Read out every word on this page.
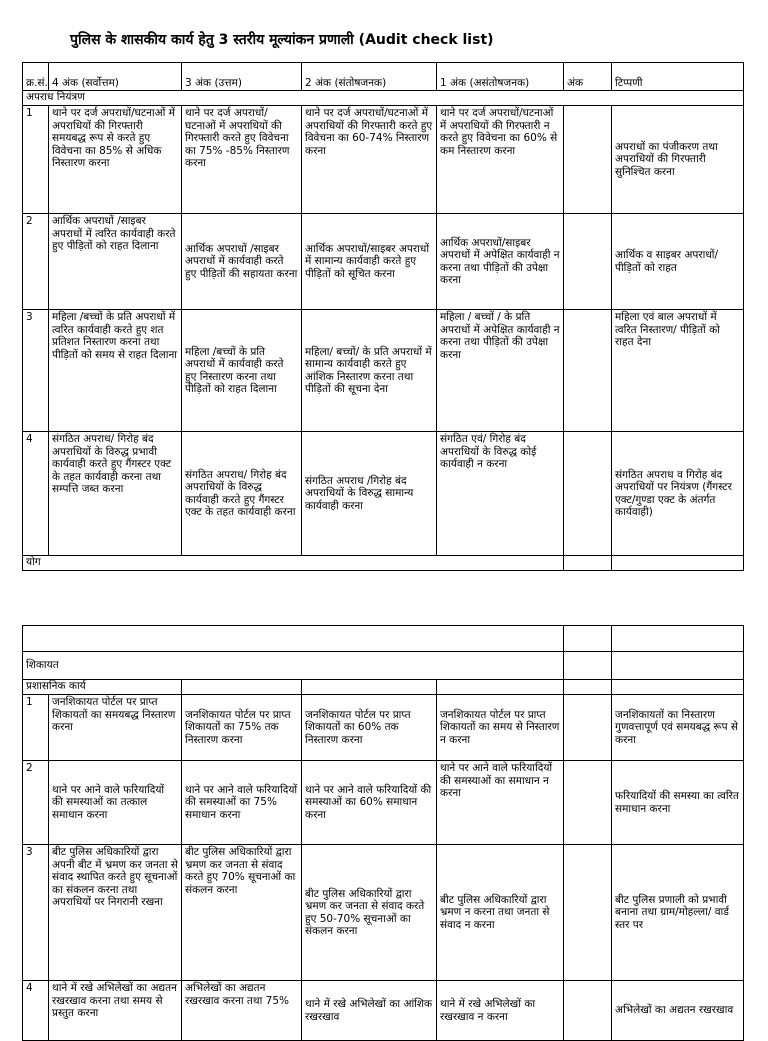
पुलिस के शासकीय कार्य हेतु 3 स्तरीय मूल्यांकन प्रणाली (Audit check list)
क्र.सं.	4 अंक (सर्वोत्तम)	3 अंक (उत्तम)	2 अंक (संतोषजनक)	1 अंक (असंतोषजनक)	अंक	टिप्पणी
अपराध नियंत्रण						
1	थाने पर दर्ज अपराधों/घटनाओं में अपराधियों की गिरफ्तारी समयबद्ध रूप से करते हुए विवेचना का 85% से अधिक निस्तारण करना	थाने पर दर्ज अपराधों/घटनाओं में अपराधियों की गिरफ्तारी करते हुए विवेचना का 75% -85% निस्तारण करना	थाने पर दर्ज अपराधों/घटनाओं में अपराधियों की गिरफ्तारी करते हुए विवेचना का 60-74% निस्तारण करना	थाने पर दर्ज अपराधों/घटनाओं में अपराधियों की गिरफ्तारी न करते हुए विवेचना का 60% से कम निस्तारण करना		अपराधों का पंजीकरण तथा अपराधियों की गिरफ्तारी सुनिश्चित करना
2	आर्थिक अपराधों /साइबर अपराधों में त्वरित कार्यवाही करते हुए पीड़ितों को राहत दिलाना	आर्थिक अपराधों /साइबर अपराधों में कार्यवाही करते हुए पीड़ितों की सहायता करना	आर्थिक अपराधों/साइबर अपराधों में सामान्य कार्यवाही करते हुए पीड़ितों को सूचित करना	आर्थिक अपराधों/साइबर अपराधों में अपेक्षित कार्यवाही न करना तथा पीड़ितों की उपेक्षा करना		आर्थिक व साइबर अपराधों/ पीड़ितों को राहत
3	महिला /बच्चों के प्रति अपराधों में त्वरित कार्यवाही करते हुए शत प्रतिशत निस्तारण करना तथा पीड़ितों को समय से राहत दिलाना	महिला /बच्चों के प्रति अपराधों में कार्यवाही करते हुए निस्तारण करना तथा पीड़ितों को राहत दिलाना	महिला/ बच्चों/ के प्रति अपराधों में सामान्य कार्यवाही करते हुए आंशिक निस्तारण करना तथा पीड़ितों की सूचना देना	महिला / बच्चों / के प्रति अपराधों में अपेक्षित कार्यवाही न करना तथा पीड़ितों की उपेक्षा करना		महिला एवं बाल अपराधों में त्वरित निस्तारण/ पीड़ितों को राहत देना
4	संगठित अपराध/ गिरोह बंद अपराधियों के विरुद्ध प्रभावी कार्यवाही करते हुए गैंगस्टर एक्ट के तहत कार्यवाही करना तथा सम्पत्ति जब्त करना	संगठित अपराध/ गिरोह बंद अपराधियों के विरुद्ध कार्यवाही करते हुए गैंगस्टर एक्ट के तहत कार्यवाही करना	संगठित अपराध /गिरोह बंद अपराधियों के विरुद्ध सामान्य कार्यवाही करना	संगठित एवं/ गिरोह बंद अपराधियों के विरुद्ध कोई कार्यवाही न करना		संगठित अपराध व गिरोह बंद अपराधियों पर नियंत्रण (गैंगस्टर एक्ट/गुण्डा एक्ट के अंतर्गत कार्यवाही)
योग						

शिकायत						
प्रशासनिक कार्य						
1	जनशिकायत पोर्टल पर प्राप्त शिकायतों का समयबद्ध निस्तारण करना	जनशिकायत पोर्टल पर प्राप्त शिकायतों का 75% तक निस्तारण करना	जनशिकायत पोर्टल पर प्राप्त शिकायतों का 60% तक निस्तारण करना	जनशिकायत पोर्टल पर प्राप्त शिकायतों का समय से निस्तारण न करना		जनशिकायतों का निस्तारण गुणवत्तापूर्ण एवं समयबद्ध रूप से करना
2	थाने पर आने वाले फरियादियों की समस्याओं का तत्काल समाधान करना	थाने पर आने वाले फरियादियों की समस्याओं का 75% समाधान करना	थाने पर आने वाले फरियादियों की समस्याओं का 60% समाधान करना	थाने पर आने वाले फरियादियों की समस्याओं का समाधान न करना		फरियादियों की समस्या का त्वरित समाधान करना
3	बीट पुलिस अधिकारियों द्वारा अपनी बीट में भ्रमण कर जनता से संवाद स्थापित करते हुए सूचनाओं का संकलन करना तथा अपराधियों पर निगरानी रखना	बीट पुलिस अधिकारियों द्वारा भ्रमण कर जनता से संवाद करते हुए 70% सूचनाओं का संकलन करना	बीट पुलिस अधिकारियों द्वारा भ्रमण कर जनता से संवाद करते हुए 50-70% सूचनाओं का संकलन करना	बीट पुलिस अधिकारियों द्वारा भ्रमण न करना तथा जनता से संवाद न करना		बीट पुलिस प्रणाली को प्रभावी बनाना तथा ग्राम/मोहल्ला/ वार्ड स्तर पर
4	थाने में रखे अभिलेखों का अद्यतन रखरखाव करना तथा समय से प्रस्तुत करना	अभिलेखों का अद्यतन रखरखाव करना तथा 75%	थाने में रखे अभिलेखों का आंशिक रखरखाव	थाने में रखे अभिलेखों का रखरखाव न करना		अभिलेखों का अद्यतन रखरखाव
